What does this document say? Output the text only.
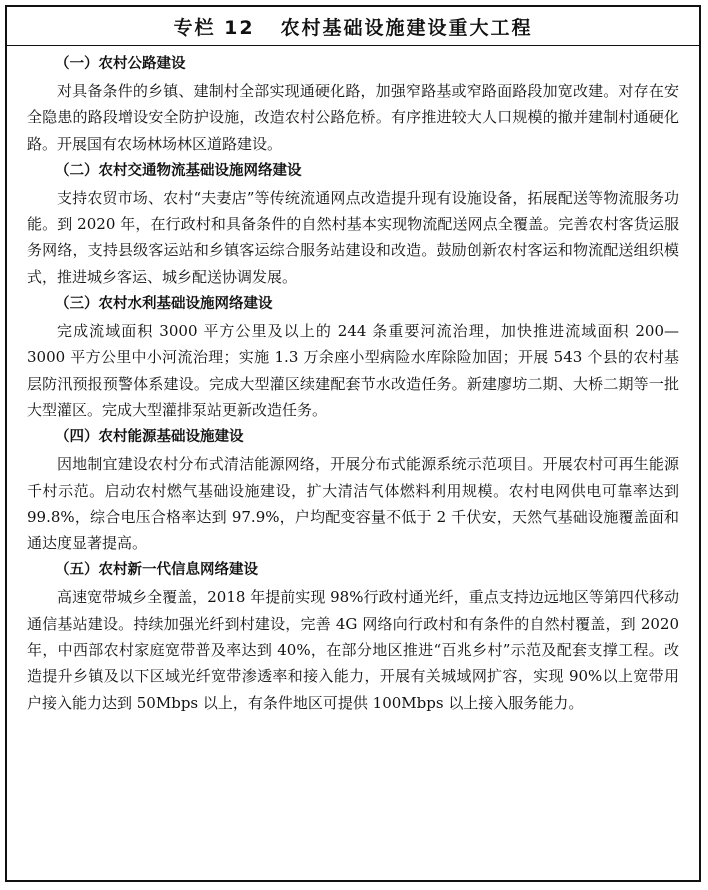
专栏 12   农村基础设施建设重大工程
（一）农村公路建设

对具备条件的乡镇、建制村全部实现通硬化路，加强窄路基或窄路面路段加宽改建。对存在安全隐患的路段增设安全防护设施，改造农村公路危桥。有序推进较大人口规模的撤并建制村通硬化路。开展国有农场林场林区道路建设。

（二）农村交通物流基础设施网络建设

支持农贸市场、农村“夫妻店”等传统流通网点改造提升现有设施设备，拓展配送等物流服务功能。到 2020 年，在行政村和具备条件的自然村基本实现物流配送网点全覆盖。完善农村客货运服务网络，支持县级客运站和乡镇客运综合服务站建设和改造。鼓励创新农村客运和物流配送组织模式，推进城乡客运、城乡配送协调发展。

（三）农村水利基础设施网络建设

完成流域面积 3000 平方公里及以上的 244 条重要河流治理，加快推进流域面积 200—3000 平方公里中小河流治理；实施 1.3 万余座小型病险水库除险加固；开展 543 个县的农村基层防汛预报预警体系建设。完成大型灌区续建配套节水改造任务。新建廖坊二期、大桥二期等一批大型灌区。完成大型灌排泵站更新改造任务。

（四）农村能源基础设施建设

因地制宜建设农村分布式清洁能源网络，开展分布式能源系统示范项目。开展农村可再生能源千村示范。启动农村燃气基础设施建设，扩大清洁气体燃料利用规模。农村电网供电可靠率达到 99.8%，综合电压合格率达到 97.9%，户均配变容量不低于 2 千伏安，天然气基础设施覆盖面和通达度显著提高。

（五）农村新一代信息网络建设

高速宽带城乡全覆盖，2018 年提前实现 98%行政村通光纤，重点支持边远地区等第四代移动通信基站建设。持续加强光纤到村建设，完善 4G 网络向行政村和有条件的自然村覆盖，到 2020 年，中西部农村家庭宽带普及率达到 40%，在部分地区推进“百兆乡村”示范及配套支撑工程。改造提升乡镇及以下区域光纤宽带渗透率和接入能力，开展有关城域网扩容，实现 90%以上宽带用户接入能力达到 50Mbps 以上，有条件地区可提供 100Mbps 以上接入服务能力。
